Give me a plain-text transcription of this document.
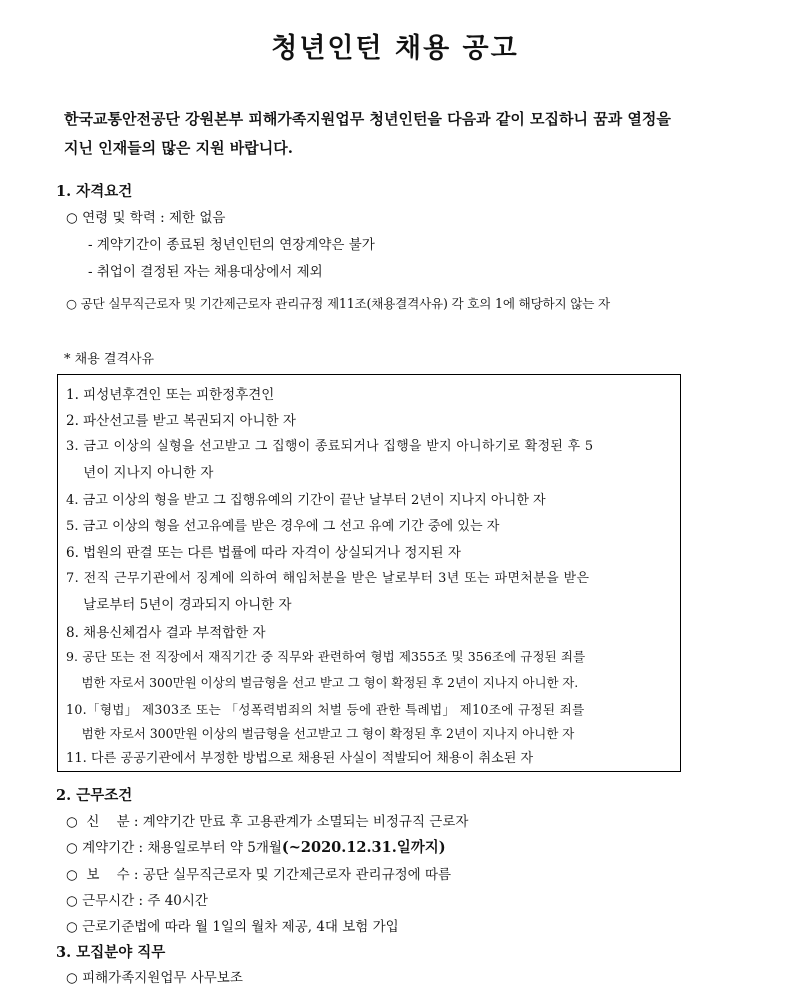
청년인턴 채용 공고
한국교통안전공단 강원본부 피해가족지원업무 청년인턴을 다음과 같이 모집하니 꿈과 열정을
지닌 인재들의 많은 지원 바랍니다.
1. 자격요건
○ 연령 및 학력 : 제한 없음
- 계약기간이 종료된 청년인턴의 연장계약은 불가
- 취업이 결정된 자는 채용대상에서 제외
○ 공단 실무직근로자 및 기간제근로자 관리규정 제11조(채용결격사유) 각 호의 1에 해당하지 않는 자
* 채용 결격사유
1. 피성년후견인 또는 피한정후견인
2. 파산선고를 받고 복권되지 아니한 자
3. 금고 이상의 실형을 선고받고 그 집행이 종료되거나 집행을 받지 아니하기로 확정된 후 5
년이 지나지 아니한 자
4. 금고 이상의 형을 받고 그 집행유예의 기간이 끝난 날부터 2년이 지나지 아니한 자
5. 금고 이상의 형을 선고유예를 받은 경우에 그 선고 유예 기간 중에 있는 자
6. 법원의 판결 또는 다른 법률에 따라 자격이 상실되거나 정지된 자
7. 전직 근무기관에서 징계에 의하여 해임처분을 받은 날로부터 3년 또는 파면처분을 받은
날로부터 5년이 경과되지 아니한 자
8. 채용신체검사 결과 부적합한 자
9. 공단 또는 전 직장에서 재직기간 중 직무와 관련하여 형법 제355조 및 356조에 규정된 죄를
범한 자로서 300만원 이상의 벌금형을 선고 받고 그 형이 확정된 후 2년이 지나지 아니한 자.
10.「형법」 제303조 또는 「성폭력범죄의 처벌 등에 관한 특례법」 제10조에 규정된 죄를
범한 자로서 300만원 이상의 벌금형을 선고받고 그 형이 확정된 후 2년이 지나지 아니한 자
11. 다른 공공기관에서 부정한 방법으로 채용된 사실이 적발되어 채용이 취소된 자
2. 근무조건
○  신    분 : 계약기간 만료 후 고용관계가 소멸되는 비정규직 근로자
○ 계약기간 : 채용일로부터 약 5개월(~2020.12.31.일까지)
○  보    수 : 공단 실무직근로자 및 기간제근로자 관리규정에 따름
○ 근무시간 : 주 40시간
○ 근로기준법에 따라 월 1일의 월차 제공, 4대 보험 가입
3. 모집분야 직무
○ 피해가족지원업무 사무보조
